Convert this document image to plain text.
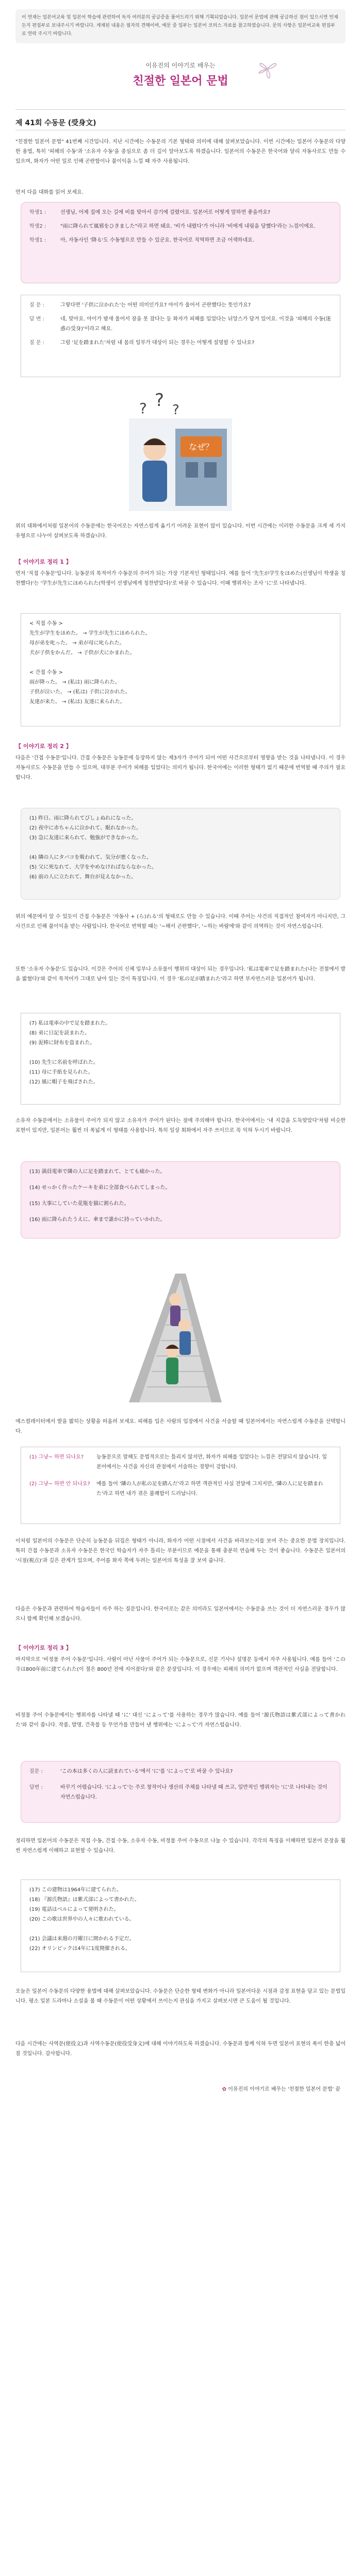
이 연재는 일본어교육 및 일본어 학습에 관련하여 독자 여러분의 궁금증을 풀어드리기 위해 기획되었습니다. 일본어 문법에 관해 궁금하신 점이 있으시면 언제든지 편집부로 보내주시기 바랍니다. 게재된 내용은 필자의 견해이며, 예문 중 일부는 일본어 코퍼스 자료를 참고하였습니다. 문의 사항은 일본어교육 편집부로 연락 주시기 바랍니다.
이유진의 이야기로 배우는
친절한 일본어 문법
제 41회 수동문 (受身文)
"친절한 일본어 문법" 41번째 시간입니다. 지난 시간에는 수동문의 기본 형태와 의미에 대해 살펴보았습니다. 이번 시간에는 일본어 수동문의 다양한 용법, 특히 '피해의 수동'과 '소유자 수동'을 중심으로 좀 더 깊이 알아보도록 하겠습니다. 일본어의 수동문은 한국어와 달리 자동사로도 만들 수 있으며, 화자가 어떤 일로 인해 곤란함이나 불이익을 느낄 때 자주 사용됩니다.
먼저 다음 대화를 읽어 보세요.
학생1 :	선생님, 어제 집에 오는 길에 비를 맞아서 감기에 걸렸어요. 일본어로 어떻게 말하면 좋을까요?
학생2 :	"雨に降られて風邪をひきました"라고 하면 돼요. '비가 내렸다'가 아니라 '비에게 내림을 당했다'라는 느낌이에요.
학생1 :	아, 자동사인 '降る'도 수동형으로 만들 수 있군요. 한국어로 직역하면 조금 어색하네요.
질 문 :	그렇다면 '子供に泣かれた'는 어떤 의미인가요? 아이가 울어서 곤란했다는 뜻인가요?
답 변 :	네, 맞아요. 아이가 밤새 울어서 잠을 못 잤다는 등 화자가 피해를 입었다는 뉘앙스가 담겨 있어요. 이것을 '피해의 수동(迷惑の受身)'이라고 해요.
질 문 :	그럼 '足を踏まれた'처럼 내 몸의 일부가 대상이 되는 경우는 어떻게 설명할 수 있나요?
なぜ？
? ? ?
위의 대화에서처럼 일본어의 수동문에는 한국어로는 자연스럽게 옮기기 어려운 표현이 많이 있습니다. 이번 시간에는 이러한 수동문을 크게 세 가지 유형으로 나누어 살펴보도록 하겠습니다.
【 이야기로 정리 1 】
먼저 '직접 수동문'입니다. 능동문의 목적어가 수동문의 주어가 되는 가장 기본적인 형태입니다. 예를 들어 '先生が学生をほめた(선생님이 학생을 칭찬했다)'는 '学生が先生にほめられた(학생이 선생님에게 칭찬받았다)'로 바꿀 수 있습니다. 이때 행위자는 조사 'に'로 나타냅니다.
< 직접 수동 >
先生が学生をほめた。 → 学生が先生にほめられた。
母が弟を叱った。 → 弟が母に叱られた。
犬が子供をかんだ。 → 子供が犬にかまれた。
< 간접 수동 >
雨が降った。 → (私は) 雨に降られた。
子供が泣いた。 → (私は) 子供に泣かれた。
友達が来た。 → (私は) 友達に来られた。
【 이야기로 정리 2 】
다음은 '간접 수동문'입니다. 간접 수동문은 능동문에 등장하지 않는 제3자가 주어가 되어 어떤 사건으로부터 영향을 받는 것을 나타냅니다. 이 경우 자동사로도 수동문을 만들 수 있으며, 대부분 주어가 피해를 입었다는 의미가 됩니다. 한국어에는 이러한 형태가 없기 때문에 번역할 때 주의가 필요합니다.
(1) 昨日、雨に降られてびしょぬれになった。
(2) 夜中に赤ちゃんに泣かれて、眠れなかった。
(3) 急に友達に来られて、勉強ができなかった。
(4) 隣の人にタバコを吸われて、気分が悪くなった。
(5) 父に死なれて、大学をやめなければならなかった。
(6) 前の人に立たれて、舞台が見えなかった。
위의 예문에서 알 수 있듯이 간접 수동문은 '자동사 + (ら)れる'의 형태로도 만들 수 있습니다. 이때 주어는 사건의 직접적인 참여자가 아니지만, 그 사건으로 인해 불이익을 받는 사람입니다. 한국어로 번역할 때는 '~해서 곤란했다', '~하는 바람에'와 같이 의역하는 것이 자연스럽습니다.
또한 '소유자 수동문'도 있습니다. 이것은 주어의 신체 일부나 소유물이 행위의 대상이 되는 경우입니다. '私は電車で足を踏まれた(나는 전철에서 발을 밟혔다)'와 같이 목적어가 그대로 남아 있는 것이 특징입니다. 이 경우 '私の足が踏まれた'라고 하면 부자연스러운 일본어가 됩니다.
(7) 私は電車の中で足を踏まれた。
(8) 弟に日記を読まれた。
(9) 泥棒に財布を盗まれた。
(10) 先生に名前を呼ばれた。
(11) 母に手紙を見られた。
(12) 風に帽子を飛ばされた。
소유자 수동문에서는 소유물이 주어가 되지 않고 소유자가 주어가 된다는 점에 주의해야 합니다. 한국어에서는 '내 지갑을 도둑맞았다'처럼 비슷한 표현이 있지만, 일본어는 훨씬 더 폭넓게 이 형태를 사용합니다. 특히 일상 회화에서 자주 쓰이므로 꼭 익혀 두시기 바랍니다.
(13) 満員電車で隣の人に足を踏まれて、とても痛かった。
(14) せっかく作ったケーキを弟に全部食べられてしまった。
(15) 大事にしていた花瓶を猫に割られた。
(16) 雨に降られたうえに、傘まで誰かに持っていかれた。
에스컬레이터에서 발을 밟히는 상황을 떠올려 보세요. 피해를 입은 사람의 입장에서 사건을 서술할 때 일본어에서는 자연스럽게 수동문을 선택합니다.
(1) 그냥~ 하면 되나요?	능동문으로 말해도 문법적으로는 틀리지 않지만, 화자가 피해를 입었다는 느낌은 전달되지 않습니다. 일본어에서는 사건을 자신의 관점에서 서술하는 경향이 강합니다.
(2) 그냥~ 하면 안 되나요?	예를 들어 '隣の人が私の足を踏んだ'라고 하면 객관적인 사실 전달에 그치지만, '隣の人に足を踏まれた'라고 하면 내가 겪은 불쾌함이 드러납니다.
이처럼 일본어의 수동문은 단순히 능동문을 뒤집은 형태가 아니라, 화자가 어떤 시점에서 사건을 바라보는지를 보여 주는 중요한 문법 장치입니다. 특히 간접 수동문과 소유자 수동문은 한국인 학습자가 자주 틀리는 부분이므로 예문을 통해 충분히 연습해 두는 것이 좋습니다. 수동문은 일본어의 '시점(視点)'과 깊은 관계가 있으며, 주어를 화자 쪽에 두려는 일본어의 특성을 잘 보여 줍니다.
다음은 수동문과 관련하여 학습자들이 자주 하는 질문입니다. 한국어로는 같은 의미라도 일본어에서는 수동문을 쓰는 것이 더 자연스러운 경우가 많으니 함께 확인해 보겠습니다.
【 이야기로 정리 3 】
마지막으로 '비정물 주어 수동문'입니다. 사람이 아닌 사물이 주어가 되는 수동문으로, 신문 기사나 설명문 등에서 자주 사용됩니다. 예를 들어 'この寺は800年前に建てられた(이 절은 800년 전에 지어졌다)'와 같은 문장입니다. 이 경우에는 피해의 의미가 없으며 객관적인 사실을 전달합니다.
비정물 주어 수동문에서는 행위자를 나타낼 때 'に' 대신 'によって'를 사용하는 경우가 많습니다. 예를 들어 '源氏物語は紫式部によって書かれた'와 같이 씁니다. 작품, 발명, 건축물 등 무언가를 만들어 낸 행위에는 'によって'가 자연스럽습니다.
질문 :	'この本は多くの人に読まれている'에서 'に'를 'によって'로 바꿀 수 있나요?
답변 :	바꾸기 어렵습니다. 'によって'는 주로 창작이나 생산의 주체를 나타낼 때 쓰고, 일반적인 행위자는 'に'로 나타내는 것이 자연스럽습니다.
정리하면 일본어의 수동문은 직접 수동, 간접 수동, 소유자 수동, 비정물 주어 수동으로 나눌 수 있습니다. 각각의 특징을 이해하면 일본어 문장을 훨씬 자연스럽게 이해하고 표현할 수 있습니다.
(17) この建物は1964年に建てられた。
(18) 『源氏物語』は紫式部によって書かれた。
(19) 電話はベルによって発明された。
(20) この歌は世界中の人々に歌われている。
(21) 会議は来週の月曜日に開かれる予定だ。
(22) オリンピックは4年に1度開催される。
오늘은 일본어 수동문의 다양한 용법에 대해 살펴보았습니다. 수동문은 단순한 형태 변화가 아니라 일본어다운 시점과 감정 표현을 담고 있는 문법입니다. 평소 일본 드라마나 소설을 볼 때 수동문이 어떤 상황에서 쓰이는지 관심을 가지고 살펴보시면 큰 도움이 될 것입니다.
다음 시간에는 사역문(使役文)과 사역수동문(使役受身文)에 대해 이야기하도록 하겠습니다. 수동문과 함께 익혀 두면 일본어 표현의 폭이 한층 넓어질 것입니다. 감사합니다.
✿ 이유진의 이야기로 배우는 '친절한 일본어 문법' 끝
